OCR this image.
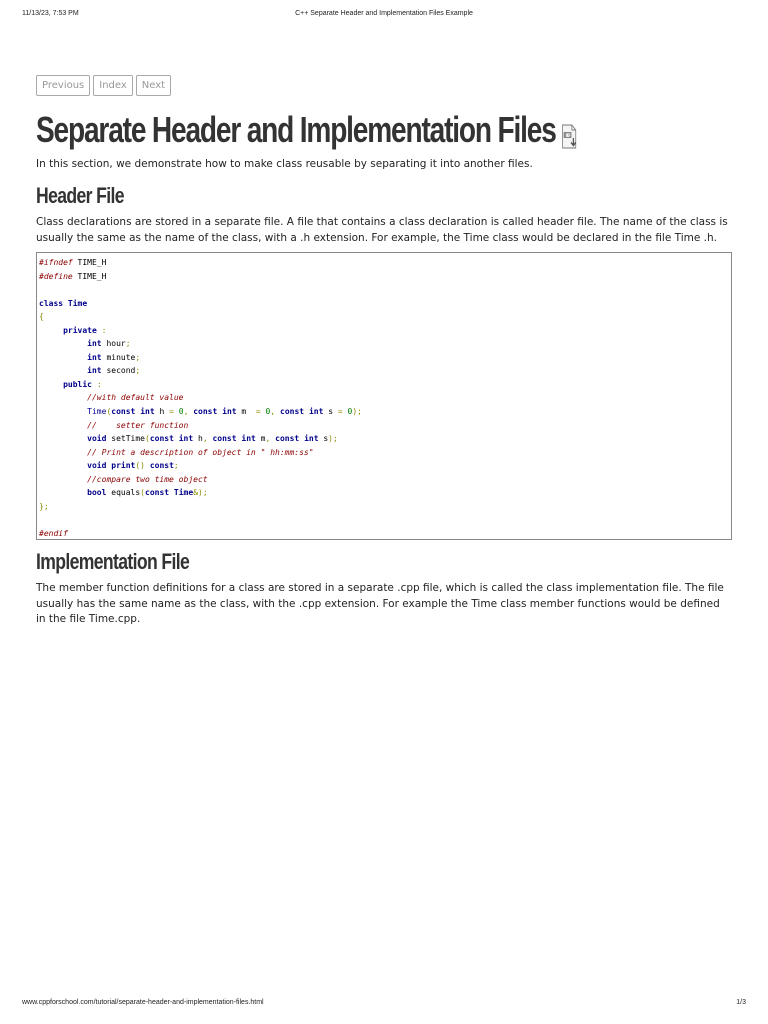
11/13/23, 7:53 PM	C++ Separate Header and Implementation Files Example
Previous	Index	Next
Separate Header and Implementation Files PDF

In this section, we demonstrate how to make class reusable by separating it into another files.

Header File

Class declarations are stored in a separate file. A file that contains a class declaration is called header file. The name of the class is usually the same as the name of the class, with a .h extension. For example, the Time class would be declared in the file Time .h.

#ifndef TIME_H
#define TIME_H

class Time
{
private :
int hour;
int minute;
int second;
public :
//with default value
Time(const int h = 0, const int m  = 0, const int s = 0);
//    setter function
void setTime(const int h, const int m, const int s);
// Print a description of object in " hh:mm:ss"
void print() const;
//compare two time object
bool equals(const Time&);
};

#endif
Implementation File

The member function definitions for a class are stored in a separate .cpp file, which is called the class implementation file. The file usually has the same name as the class, with the .cpp extension. For example the Time class member functions would be defined in the file Time.cpp.

www.cppforschool.com/tutorial/separate-header-and-implementation-files.html	1/3
